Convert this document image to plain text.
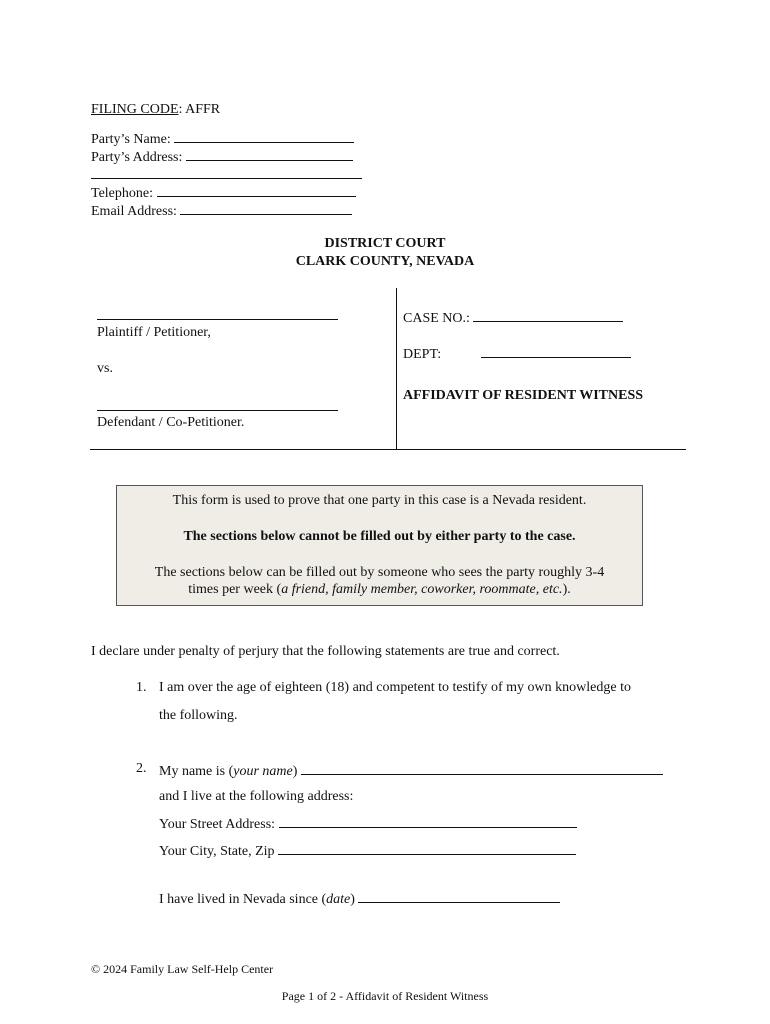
FILING CODE: AFFR
Party’s Name:
Party’s Address:
Telephone:
Email Address:
DISTRICT COURT
CLARK COUNTY, NEVADA
Plaintiff / Petitioner,
vs.
Defendant / Co-Petitioner.
CASE NO.:
DEPT:
AFFIDAVIT OF RESIDENT WITNESS

This form is used to prove that one party in this case is a Nevada resident.

The sections below cannot be filled out by either party to the case.

The sections below can be filled out by someone who sees the party roughly 3-4

times per week (a friend, family member, coworker, roommate, etc.).

I declare under penalty of perjury that the following statements are true and correct.
1. I am over the age of eighteen (18) and competent to testify of my own knowledge to
the following.
2. My name is (your name)
and I live at the following address:
Your Street Address:
Your City, State, Zip
I have lived in Nevada since (date)
© 2024 Family Law Self-Help Center
Page 1 of 2 - Affidavit of Resident Witness
